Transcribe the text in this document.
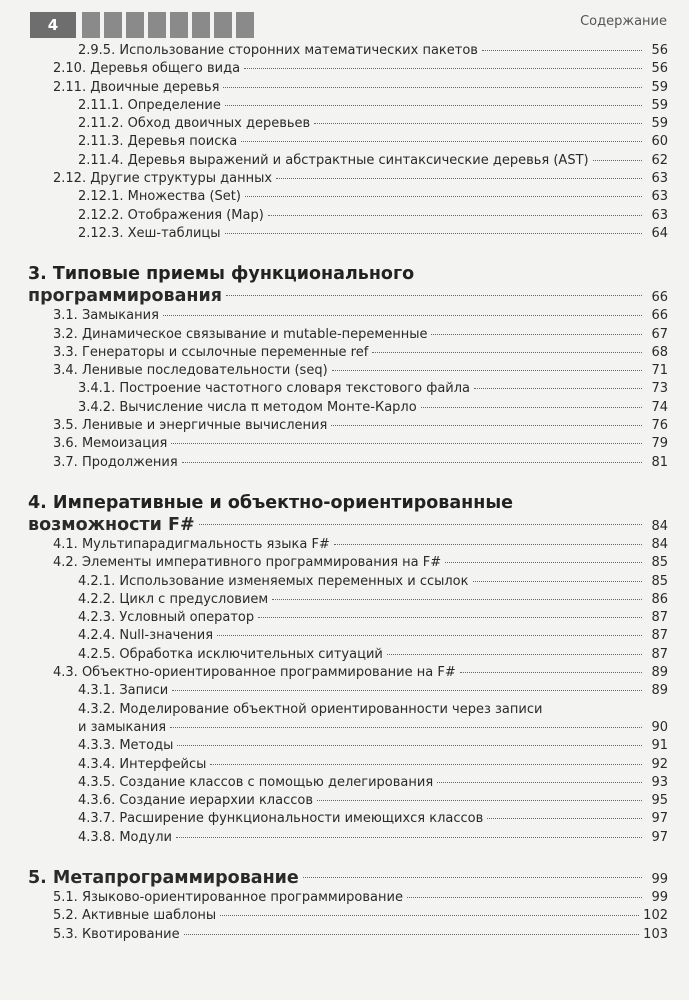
4	Содержание
2.9.5. Использование сторонних математических пакетов	56
2.10. Деревья общего вида	56
2.11. Двоичные деревья	59
2.11.1. Определение	59
2.11.2. Обход двоичных деревьев	59
2.11.3. Деревья поиска	60
2.11.4. Деревья выражений и абстрактные синтаксические деревья (AST)	62
2.12. Другие структуры данных	63
2.12.1. Множества (Set)	63
2.12.2. Отображения (Map)	63
2.12.3. Хеш-таблицы	64
3. Типовые приемы функционального
программирования	66
3.1. Замыкания	66
3.2. Динамическое связывание и mutable-переменные	67
3.3. Генераторы и ссылочные переменные ref	68
3.4. Ленивые последовательности (seq)	71
3.4.1. Построение частотного словаря текстового файла	73
3.4.2. Вычисление числа π методом Монте-Карло	74
3.5. Ленивые и энергичные вычисления	76
3.6. Мемоизация	79
3.7. Продолжения	81
4. Императивные и объектно-ориентированные
возможности F#	84
4.1. Мультипарадигмальность языка F#	84
4.2. Элементы императивного программирования на F#	85
4.2.1. Использование изменяемых переменных и ссылок	85
4.2.2. Цикл с предусловием	86
4.2.3. Условный оператор	87
4.2.4. Null-значения	87
4.2.5. Обработка исключительных ситуаций	87
4.3. Объектно-ориентированное программирование на F#	89
4.3.1. Записи	89
4.3.2. Моделирование объектной ориентированности через записи
и замыкания	90
4.3.3. Методы	91
4.3.4. Интерфейсы	92
4.3.5. Создание классов с помощью делегирования	93
4.3.6. Создание иерархии классов	95
4.3.7. Расширение функциональности имеющихся классов	97
4.3.8. Модули	97
5. Метапрограммирование	99
5.1. Языково-ориентированное программирование	99
5.2. Активные шаблоны	102
5.3. Квотирование	103
